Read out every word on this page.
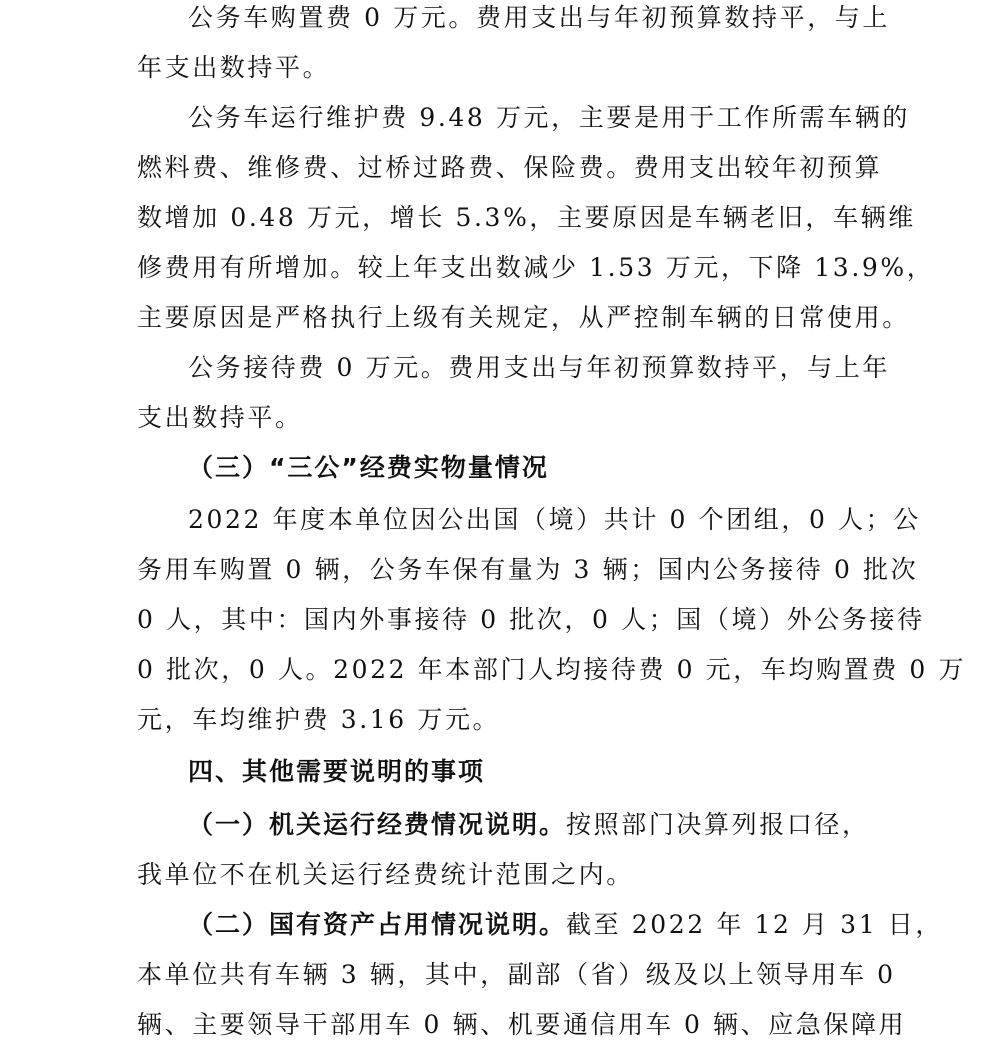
公务车购置费 0 万元。费用支出与年初预算数持平，与上
年支出数持平。
公务车运行维护费 9.48 万元，主要是用于工作所需车辆的
燃料费、维修费、过桥过路费、保险费。费用支出较年初预算
数增加 0.48 万元，增长 5.3%，主要原因是车辆老旧，车辆维
修费用有所增加。较上年支出数减少 1.53 万元，下降 13.9%，
主要原因是严格执行上级有关规定，从严控制车辆的日常使用。
公务接待费 0 万元。费用支出与年初预算数持平，与上年
支出数持平。
（三）“三公”经费实物量情况
2022 年度本单位因公出国（境）共计 0 个团组，0 人；公
务用车购置 0 辆，公务车保有量为 3 辆；国内公务接待 0 批次
0 人，其中：国内外事接待 0 批次，0 人；国（境）外公务接待
0 批次，0 人。2022 年本部门人均接待费 0 元，车均购置费 0 万
元，车均维护费 3.16 万元。
四、其他需要说明的事项
（一）机关运行经费情况说明。按照部门决算列报口径，
我单位不在机关运行经费统计范围之内。
（二）国有资产占用情况说明。截至 2022 年 12 月 31 日，
本单位共有车辆 3 辆，其中，副部（省）级及以上领导用车 0
辆、主要领导干部用车 0 辆、机要通信用车 0 辆、应急保障用
